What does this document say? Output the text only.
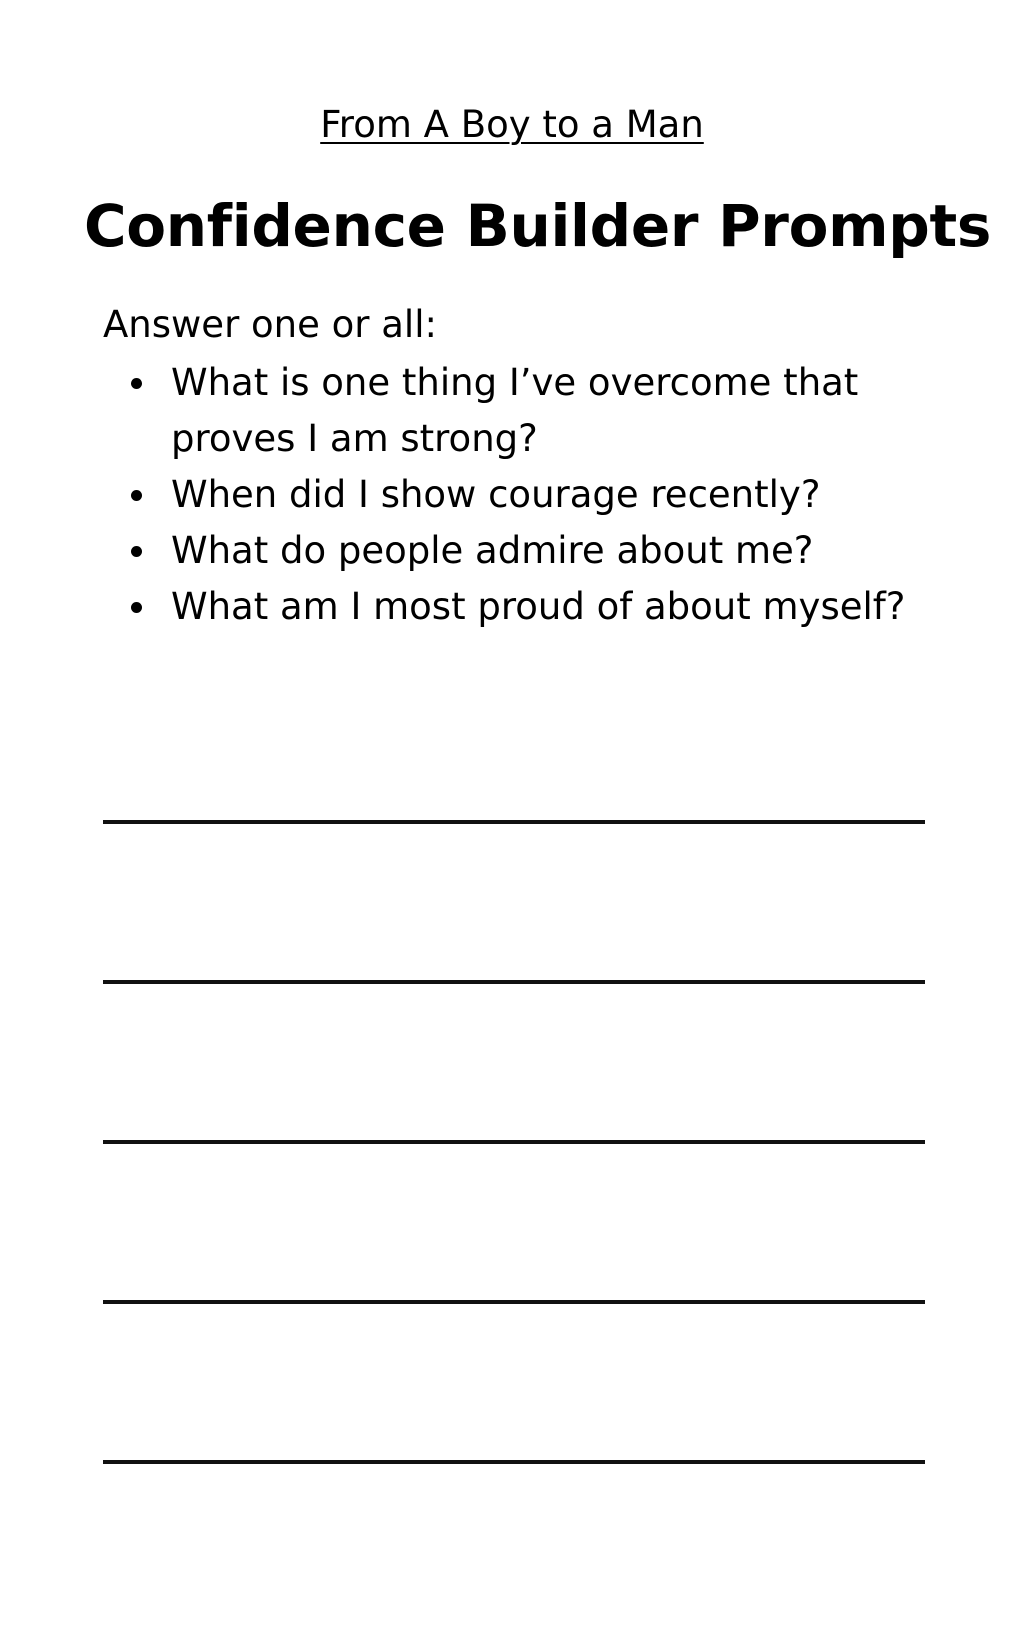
From A Boy to a Man
Confidence Builder Prompts
Answer one or all:
What is one thing I’ve overcome that proves I am strong?
When did I show courage recently?
What do people admire about me?
What am I most proud of about myself?
